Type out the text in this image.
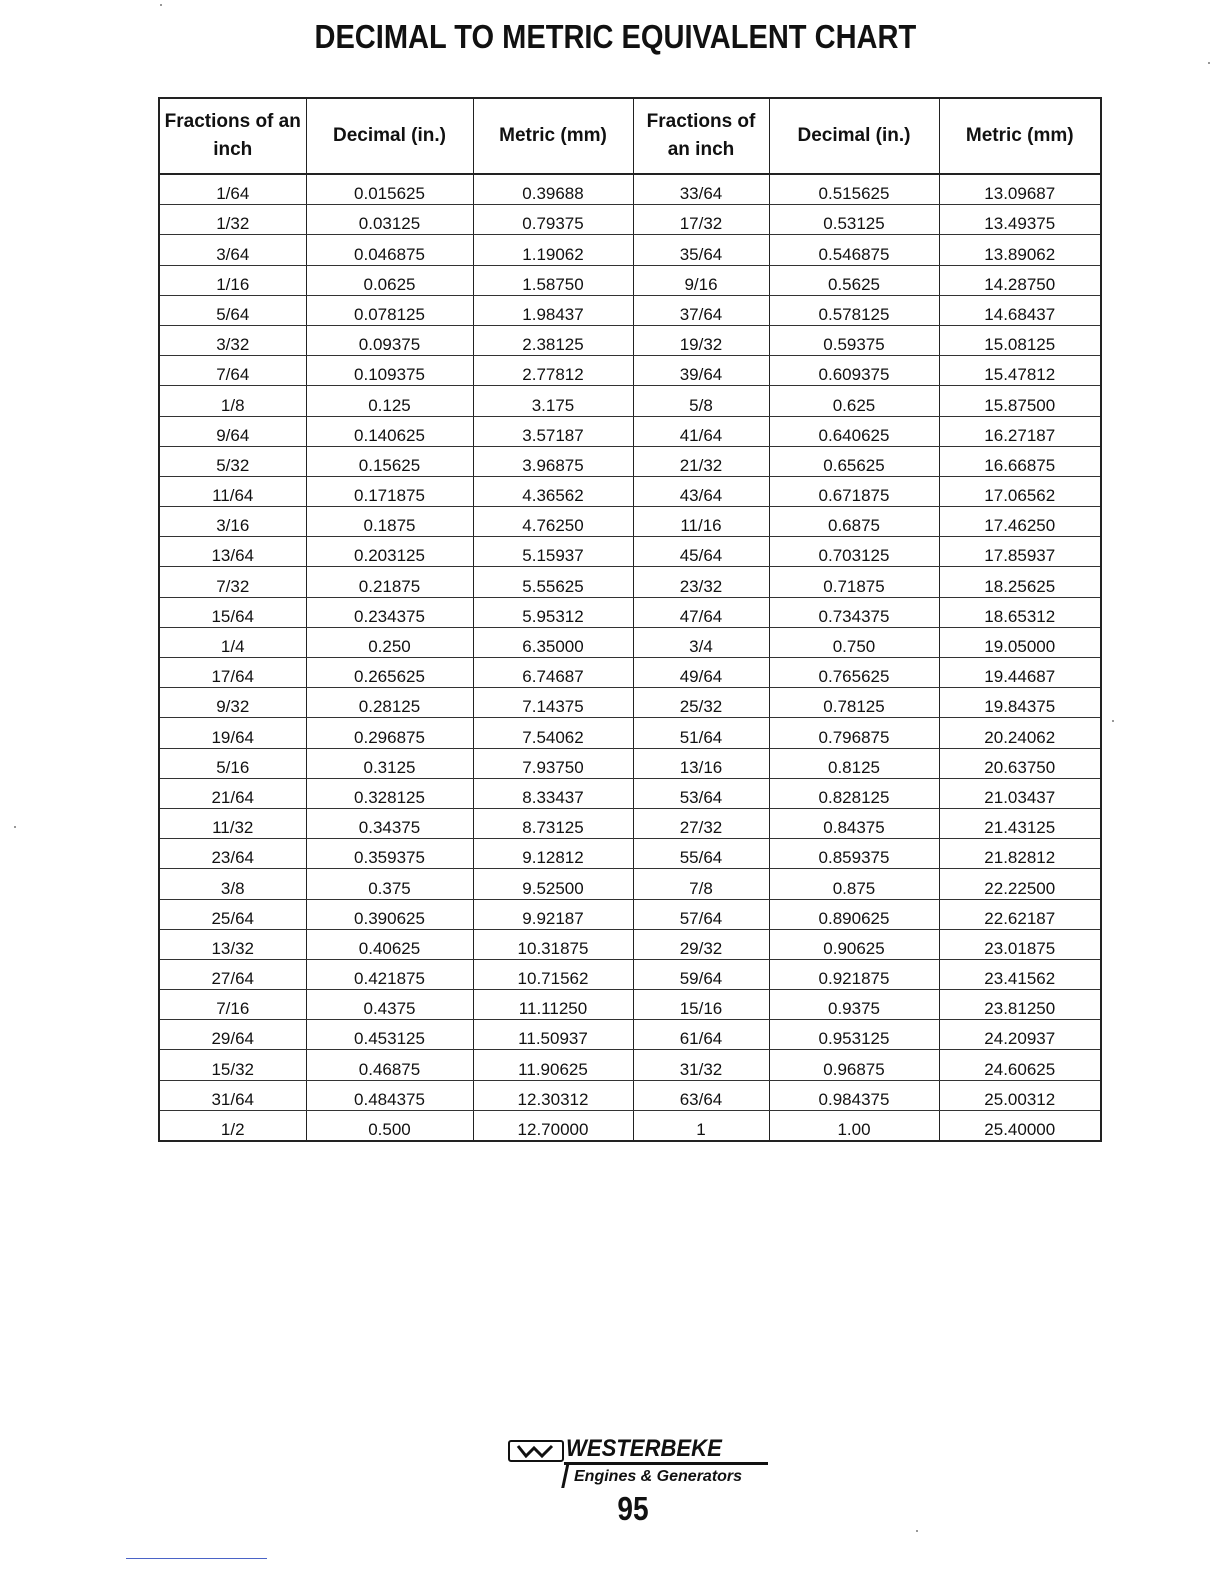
DECIMAL TO METRIC EQUIVALENT CHART
Fractions of an inch	Decimal (in.)	Metric (mm)	Fractions of an inch	Decimal (in.)	Metric (mm)
1/64	0.015625	0.39688	33/64	0.515625	13.09687
1/32	0.03125	0.79375	17/32	0.53125	13.49375
3/64	0.046875	1.19062	35/64	0.546875	13.89062
1/16	0.0625	1.58750	9/16	0.5625	14.28750
5/64	0.078125	1.98437	37/64	0.578125	14.68437
3/32	0.09375	2.38125	19/32	0.59375	15.08125
7/64	0.109375	2.77812	39/64	0.609375	15.47812
1/8	0.125	3.175	5/8	0.625	15.87500
9/64	0.140625	3.57187	41/64	0.640625	16.27187
5/32	0.15625	3.96875	21/32	0.65625	16.66875
11/64	0.171875	4.36562	43/64	0.671875	17.06562
3/16	0.1875	4.76250	11/16	0.6875	17.46250
13/64	0.203125	5.15937	45/64	0.703125	17.85937
7/32	0.21875	5.55625	23/32	0.71875	18.25625
15/64	0.234375	5.95312	47/64	0.734375	18.65312
1/4	0.250	6.35000	3/4	0.750	19.05000
17/64	0.265625	6.74687	49/64	0.765625	19.44687
9/32	0.28125	7.14375	25/32	0.78125	19.84375
19/64	0.296875	7.54062	51/64	0.796875	20.24062
5/16	0.3125	7.93750	13/16	0.8125	20.63750
21/64	0.328125	8.33437	53/64	0.828125	21.03437
11/32	0.34375	8.73125	27/32	0.84375	21.43125
23/64	0.359375	9.12812	55/64	0.859375	21.82812
3/8	0.375	9.52500	7/8	0.875	22.22500
25/64	0.390625	9.92187	57/64	0.890625	22.62187
13/32	0.40625	10.31875	29/32	0.90625	23.01875
27/64	0.421875	10.71562	59/64	0.921875	23.41562
7/16	0.4375	11.11250	15/16	0.9375	23.81250
29/64	0.453125	11.50937	61/64	0.953125	24.20937
15/32	0.46875	11.90625	31/32	0.96875	24.60625
31/64	0.484375	12.30312	63/64	0.984375	25.00312
1/2	0.500	12.70000	1	1.00	25.40000
WESTERBEKE
Engines & Generators
95
